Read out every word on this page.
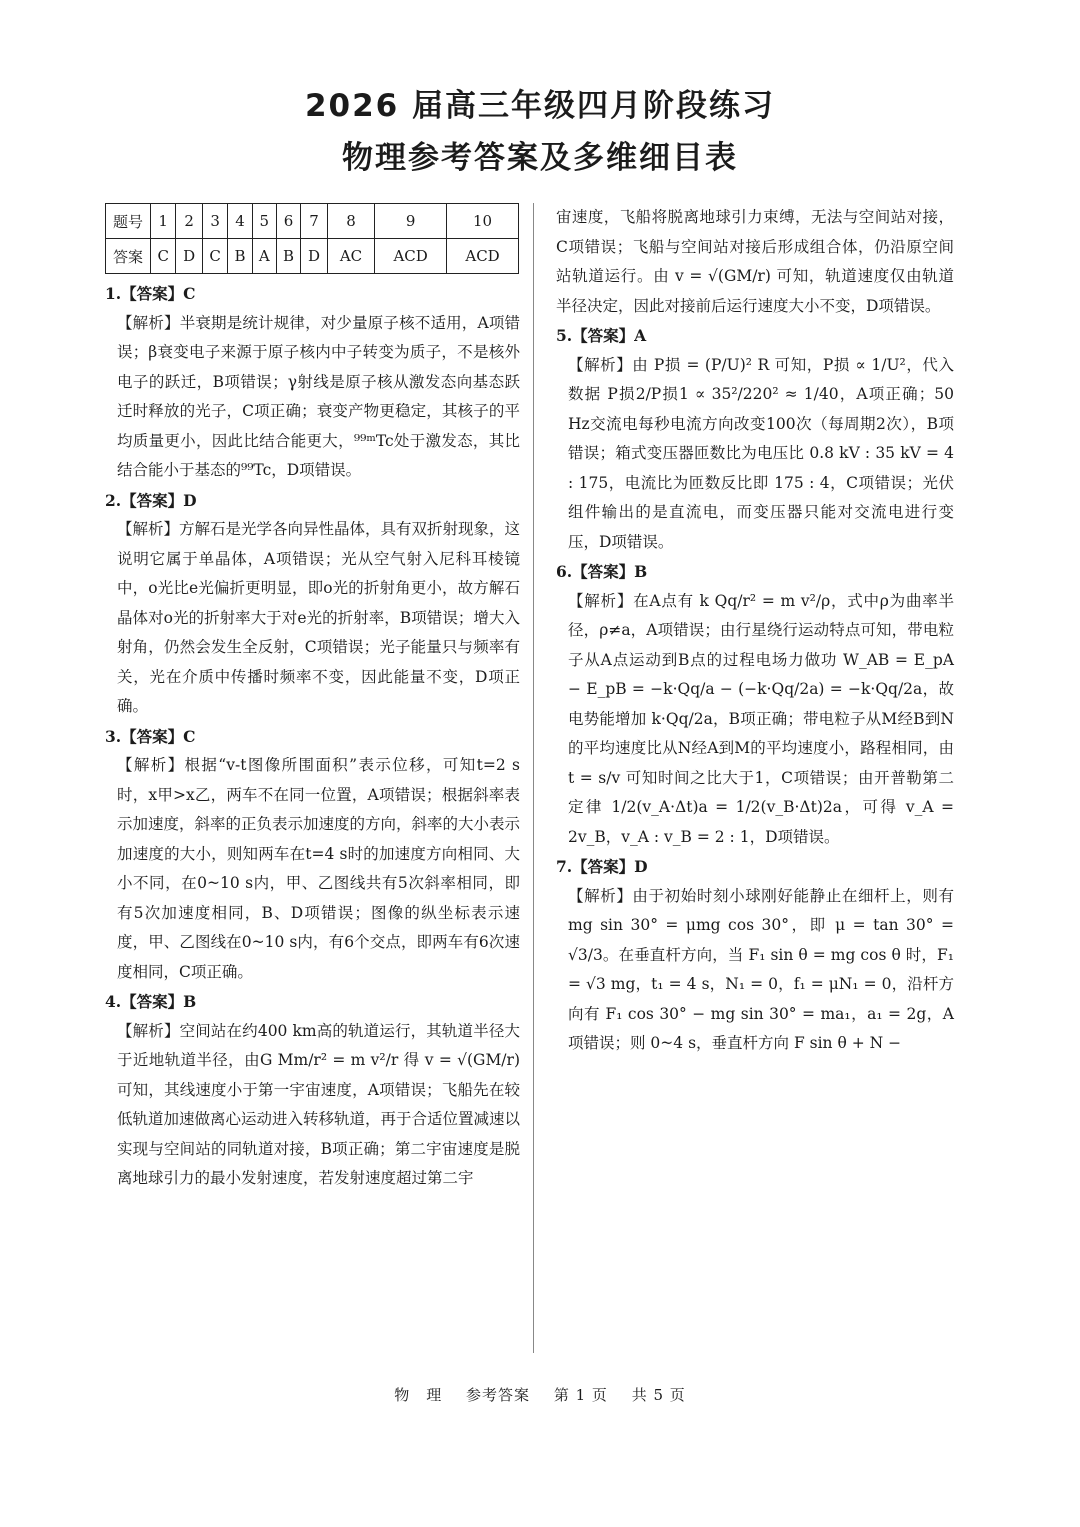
2026 届高三年级四月阶段练习
物理参考答案及多维细目表
题号	1	2	3	4	5	6	7	8	9	10
答案	C	D	C	B	A	B	D	AC	ACD	ACD

1.【答案】C

【解析】半衰期是统计规律，对少量原子核不适用，A项错误；β衰变电子来源于原子核内中子转变为质子，不是核外电子的跃迁，B项错误；γ射线是原子核从激发态向基态跃迁时释放的光子，C项正确；衰变产物更稳定，其核子的平均质量更小，因此比结合能更大，⁹⁹ᵐTc处于激发态，其比结合能小于基态的⁹⁹Tc，D项错误。

2.【答案】D

【解析】方解石是光学各向异性晶体，具有双折射现象，这说明它属于单晶体，A项错误；光从空气射入尼科耳棱镜中，o光比e光偏折更明显，即o光的折射角更小，故方解石晶体对o光的折射率大于对e光的折射率，B项错误；增大入射角，仍然会发生全反射，C项错误；光子能量只与频率有关，光在介质中传播时频率不变，因此能量不变，D项正确。

3.【答案】C

【解析】根据“v-t图像所围面积”表示位移，可知t=2 s时，x甲>x乙，两车不在同一位置，A项错误；根据斜率表示加速度，斜率的正负表示加速度的方向，斜率的大小表示加速度的大小，则知两车在t=4 s时的加速度方向相同、大小不同，在0~10 s内，甲、乙图线共有5次斜率相同，即有5次加速度相同，B、D项错误；图像的纵坐标表示速度，甲、乙图线在0~10 s内，有6个交点，即两车有6次速度相同，C项正确。

4.【答案】B

【解析】空间站在约400 km高的轨道运行，其轨道半径大于近地轨道半径，由G Mm/r² = m v²/r 得 v = √(GM/r) 可知，其线速度小于第一宇宙速度，A项错误；飞船先在较低轨道加速做离心运动进入转移轨道，再于合适位置减速以实现与空间站的同轨道对接，B项正确；第二宇宙速度是脱离地球引力的最小发射速度，若发射速度超过第二宇

宙速度，飞船将脱离地球引力束缚，无法与空间站对接，C项错误；飞船与空间站对接后形成组合体，仍沿原空间站轨道运行。由 v = √(GM/r) 可知，轨道速度仅由轨道半径决定，因此对接前后运行速度大小不变，D项错误。

5.【答案】A

【解析】由 P损 = (P/U)² R 可知，P损 ∝ 1/U²，代入数据 P损2/P损1 ∝ 35²/220² ≈ 1/40，A项正确；50 Hz交流电每秒电流方向改变100次（每周期2次），B项错误；箱式变压器匝数比为电压比 0.8 kV : 35 kV = 4 : 175，电流比为匝数反比即 175 : 4，C项错误；光伏组件输出的是直流电，而变压器只能对交流电进行变压，D项错误。

6.【答案】B

【解析】在A点有 k Qq/r² = m v²/ρ，式中ρ为曲率半径，ρ≠a，A项错误；由行星绕行运动特点可知，带电粒子从A点运动到B点的过程电场力做功 W_AB = E_pA − E_pB = −k·Qq/a − (−k·Qq/2a) = −k·Qq/2a，故电势能增加 k·Qq/2a，B项正确；带电粒子从M经B到N的平均速度比从N经A到M的平均速度小，路程相同，由 t = s/v 可知时间之比大于1，C项错误；由开普勒第二定律 1/2(v_A·Δt)a = 1/2(v_B·Δt)2a，可得 v_A = 2v_B，v_A : v_B = 2 : 1，D项错误。

7.【答案】D

【解析】由于初始时刻小球刚好能静止在细杆上，则有 mg sin 30° = μmg cos 30°，即 μ = tan 30° = √3/3。在垂直杆方向，当 F₁ sin θ = mg cos θ 时，F₁ = √3 mg，t₁ = 4 s，N₁ = 0，f₁ = μN₁ = 0，沿杆方向有 F₁ cos 30° − mg sin 30° = ma₁，a₁ = 2g，A项错误；则 0~4 s，垂直杆方向 F sin θ + N −

物　理 参考答案 第 1 页 共 5 页
